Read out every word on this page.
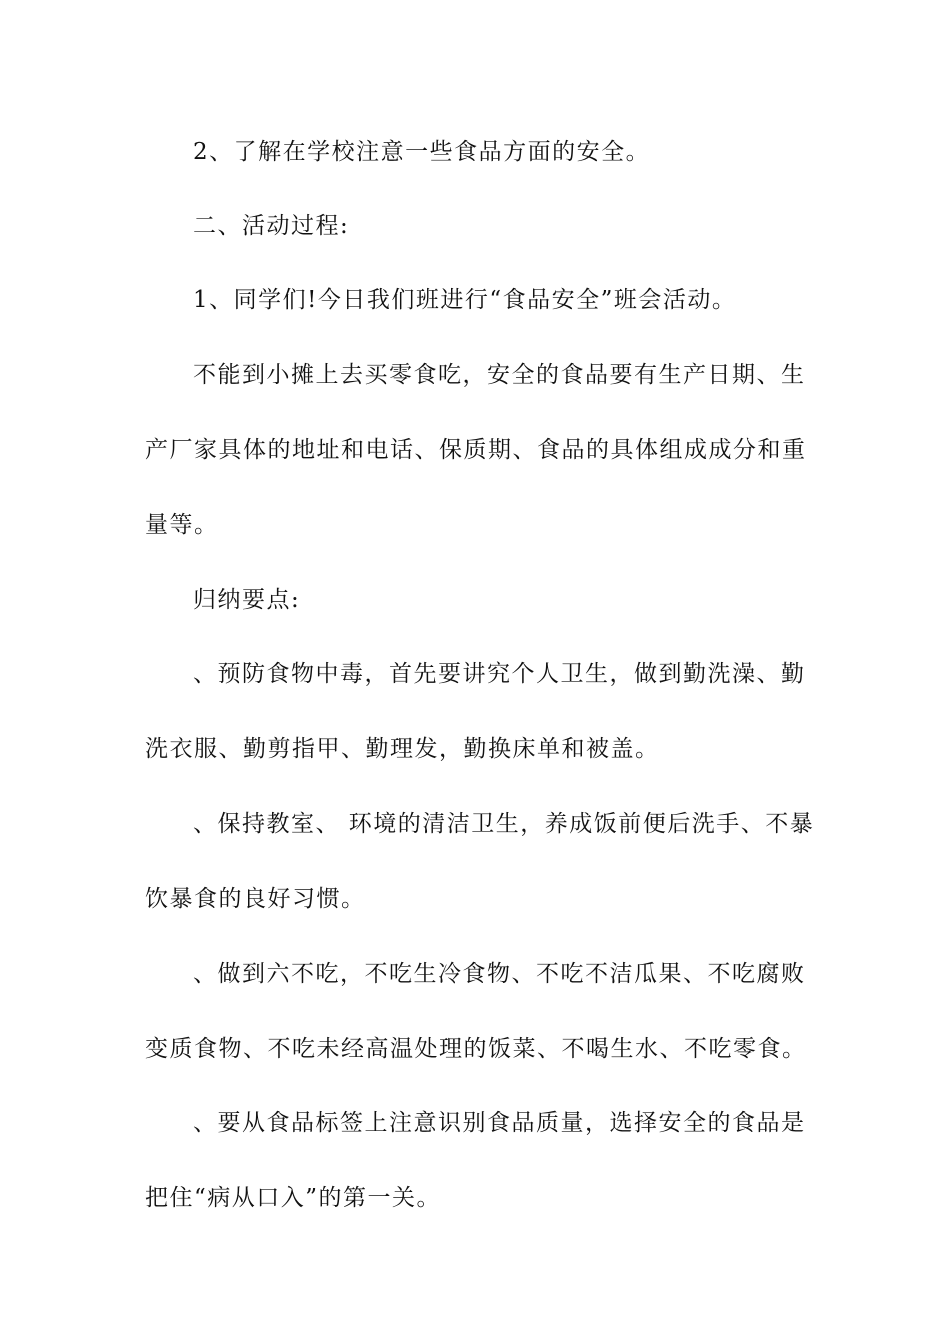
2、了解在学校注意一些食品方面的安全。
二、活动过程:
1、同学们!今日我们班进行“食品安全”班会活动。
不能到小摊上去买零食吃，安全的食品要有生产日期、生
产厂家具体的地址和电话、保质期、食品的具体组成成分和重
量等。
归纳要点:
、预防食物中毒，首先要讲究个人卫生，做到勤洗澡、勤
洗衣服、勤剪指甲、勤理发，勤换床单和被盖。
、保持教室、 环境的清洁卫生，养成饭前便后洗手、不暴
饮暴食的良好习惯。
、做到六不吃，不吃生冷食物、不吃不洁瓜果、不吃腐败
变质食物、不吃未经高温处理的饭菜、不喝生水、不吃零食。
、要从食品标签上注意识别食品质量，选择安全的食品是
把住“病从口入”的第一关。
